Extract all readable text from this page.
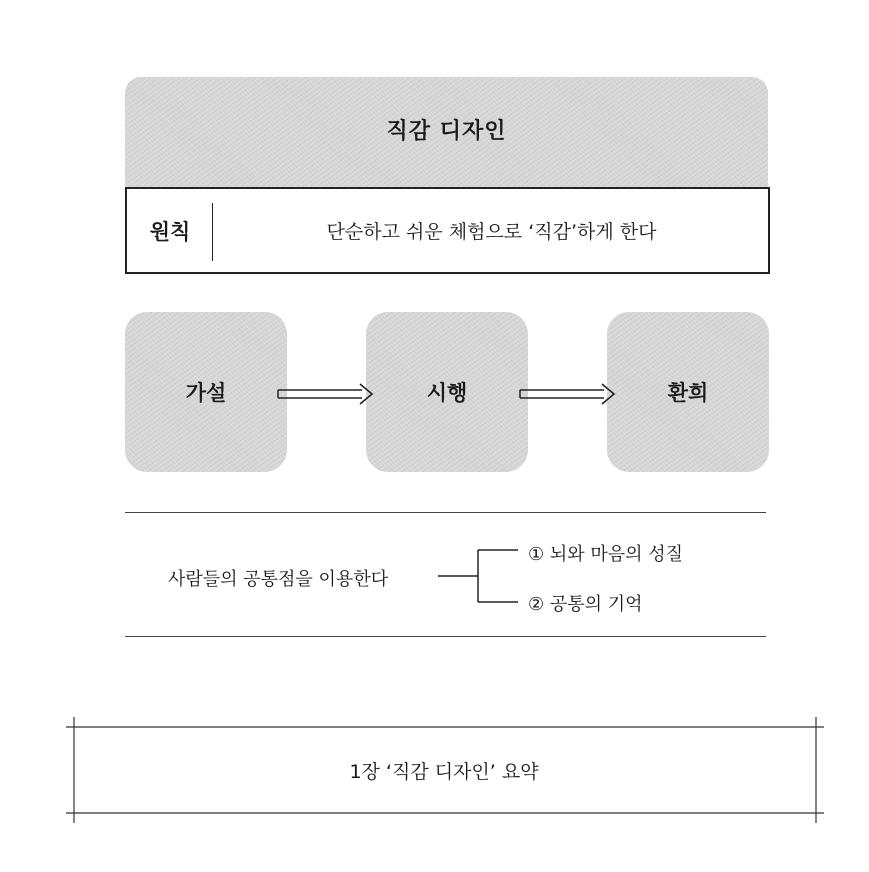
직감 디자인
원칙	단순하고 쉬운 체험으로 ‘직감’하게 한다
가설	시행	환희
사람들의 공통점을 이용한다
① 뇌와 마음의 성질
② 공통의 기억
1장 ‘직감 디자인’ 요약
